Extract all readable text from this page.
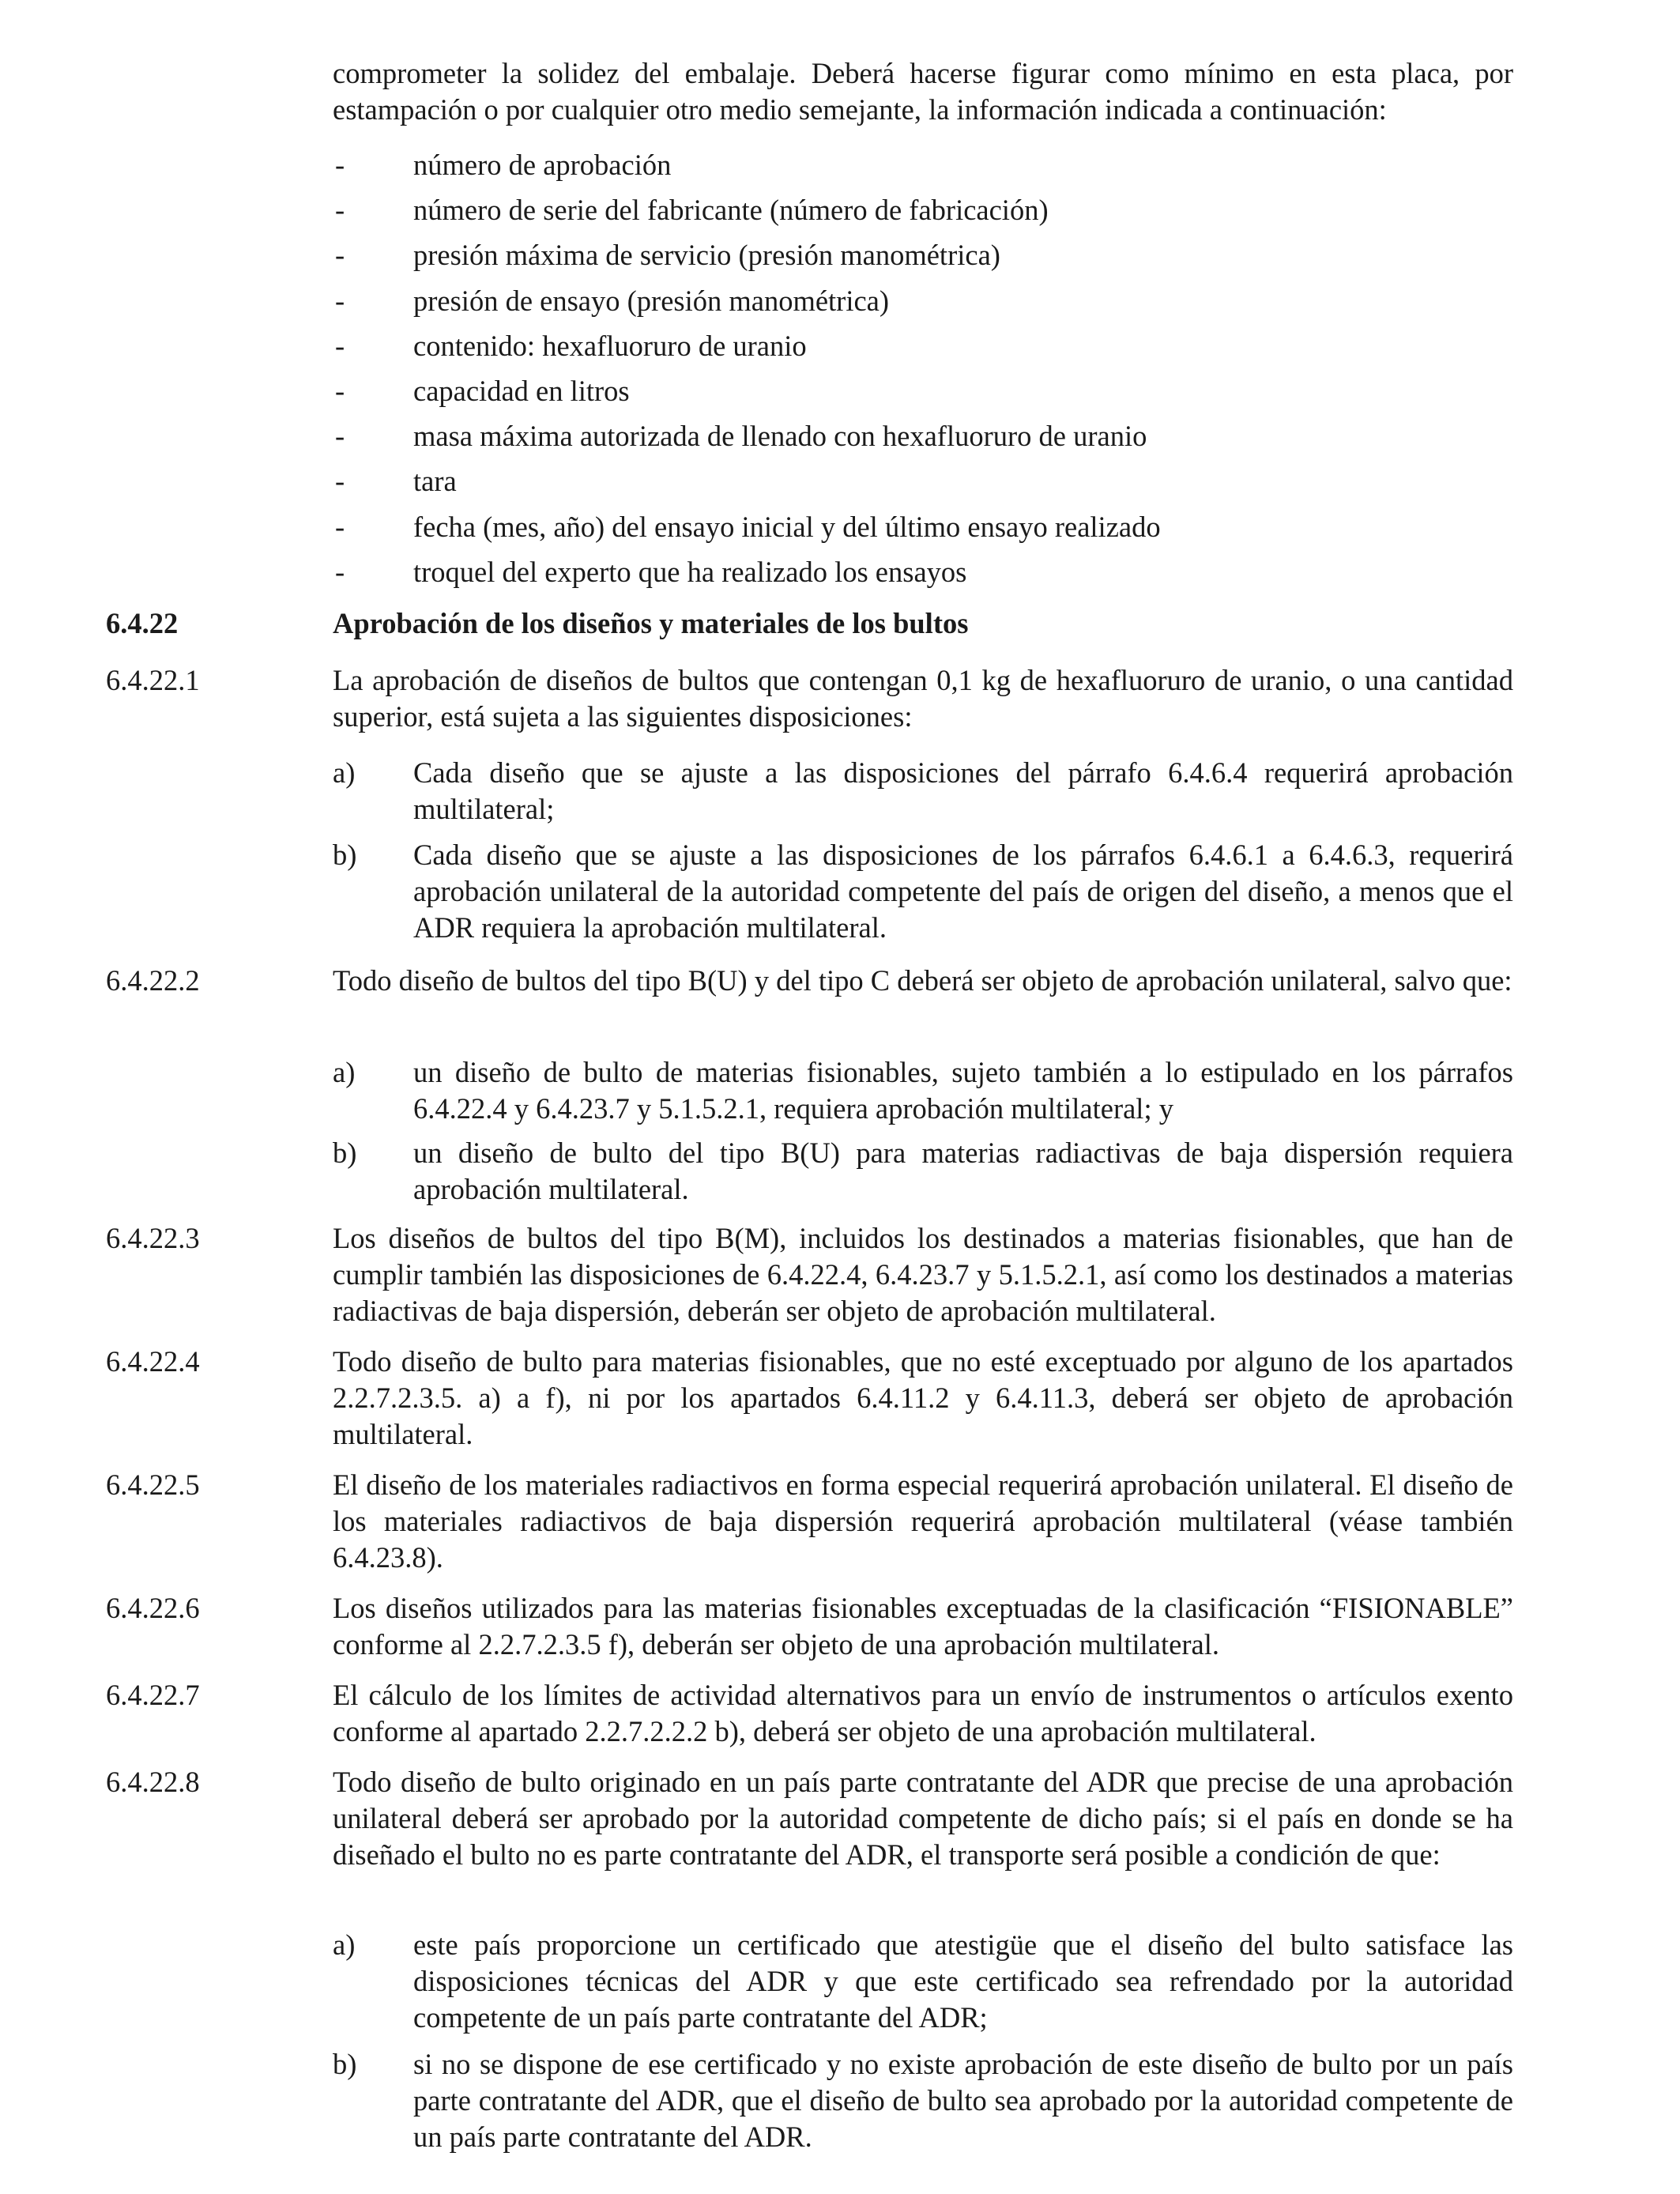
comprometer la solidez del embalaje. Deberá hacerse figurar como mínimo en esta placa, por estampación o por cualquier otro medio semejante, la información indicada a continuación:
- número de aprobación
- número de serie del fabricante (número de fabricación)
- presión máxima de servicio (presión manométrica)
- presión de ensayo (presión manométrica)
- contenido: hexafluoruro de uranio
- capacidad en litros
- masa máxima autorizada de llenado con hexafluoruro de uranio
- tara
- fecha (mes, año) del ensayo inicial y del último ensayo realizado
- troquel del experto que ha realizado los ensayos
6.4.22	Aprobación de los diseños y materiales de los bultos
6.4.22.1	La aprobación de diseños de bultos que contengan 0,1 kg de hexafluoruro de uranio, o una cantidad superior, está sujeta a las siguientes disposiciones:
a) Cada diseño que se ajuste a las disposiciones del párrafo 6.4.6.4 requerirá aprobación multilateral;
b) Cada diseño que se ajuste a las disposiciones de los párrafos 6.4.6.1 a 6.4.6.3, requerirá aprobación unilateral de la autoridad competente del país de origen del diseño, a menos que el ADR requiera la aprobación multilateral.
6.4.22.2	Todo diseño de bultos del tipo B(U) y del tipo C deberá ser objeto de aprobación unilateral, salvo que:
a) un diseño de bulto de materias fisionables, sujeto también a lo estipulado en los párrafos 6.4.22.4 y 6.4.23.7 y 5.1.5.2.1, requiera aprobación multilateral; y
b) un diseño de bulto del tipo B(U) para materias radiactivas de baja dispersión requiera aprobación multilateral.
6.4.22.3	Los diseños de bultos del tipo B(M), incluidos los destinados a materias fisionables, que han de cumplir también las disposiciones de 6.4.22.4, 6.4.23.7 y 5.1.5.2.1, así como los destinados a materias radiactivas de baja dispersión, deberán ser objeto de aprobación multilateral.
6.4.22.4	Todo diseño de bulto para materias fisionables, que no esté exceptuado por alguno de los apartados 2.2.7.2.3.5. a) a f), ni por los apartados 6.4.11.2 y 6.4.11.3, deberá ser objeto de aprobación multilateral.
6.4.22.5	El diseño de los materiales radiactivos en forma especial requerirá aprobación unilateral. El diseño de los materiales radiactivos de baja dispersión requerirá aprobación multilateral (véase también 6.4.23.8).
6.4.22.6	Los diseños utilizados para las materias fisionables exceptuadas de la clasificación “FISIONABLE” conforme al 2.2.7.2.3.5 f), deberán ser objeto de una aprobación multilateral.
6.4.22.7	El cálculo de los límites de actividad alternativos para un envío de instrumentos o artículos exento conforme al apartado 2.2.7.2.2.2 b), deberá ser objeto de una aprobación multilateral.
6.4.22.8	Todo diseño de bulto originado en un país parte contratante del ADR que precise de una aprobación unilateral deberá ser aprobado por la autoridad competente de dicho país; si el país en donde se ha diseñado el bulto no es parte contratante del ADR, el transporte será posible a condición de que:
a) este país proporcione un certificado que atestigüe que el diseño del bulto satisface las disposiciones técnicas del ADR y que este certificado sea refrendado por la autoridad competente de un país parte contratante del ADR;
b) si no se dispone de ese certificado y no existe aprobación de este diseño de bulto por un país parte contratante del ADR, que el diseño de bulto sea aprobado por la autoridad competente de un país parte contratante del ADR.
